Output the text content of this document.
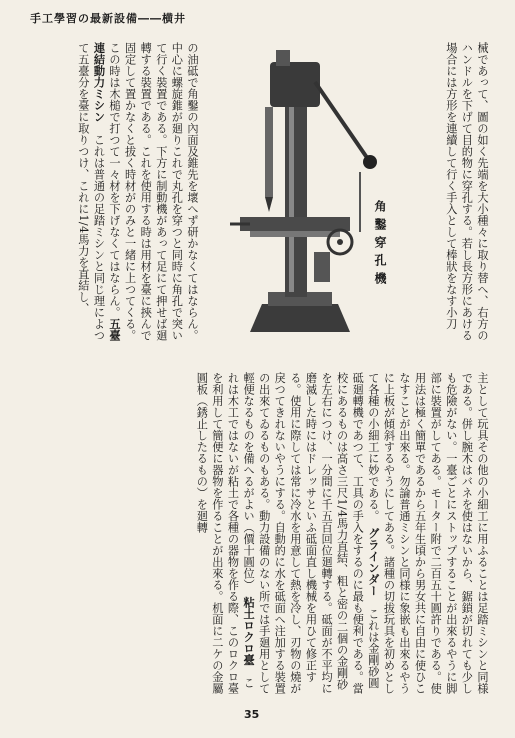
手工學習の最新設備――横井
械であって、圖の如く先端を大小種々に取り替へ、右方のハンドルを下げて目的物に穿孔する。若し長方形にあける場合には方形を連續して行く手入として棒狀をなす小刀
角鑿穿孔機
の油砥で角鑿の內面及錐先を壞へず研かなくてはならん。中心に螺旋錐が廻りこれで丸孔を穿つと同時に角孔で突いて行く裝置である。下方に制動機があって足にて押せば廻轉する裝置である。これを使用する時は用材を臺に挾んで固定して置かなくと拔く時材がのみと一緒に上つてくる。この時は木槌で打つて一々材を下げなくてはならん。五臺連結動力ミシン　これは普通の足踏ミシンと同じ理によつて五臺分を臺に取りつけ、これに1/4馬力を直結し、
主として玩具その他の小細工に用ふることは足踏ミシンと同様である。併し腕木はバネを使はないから、鋸鎖が切れても少しも危險がない。一臺ごとにストップすることが出來るやうに脚部に裝置がしてある。モーター附で二百五十圓許りである。使用法は極く簡單であるから五年生頃から男女共に自由に使ひこなすことが出來る。勿論普通ミシンと同様に象嵌も出來るやうに上板が傾斜するやうにしてある。諸種の切拔玩具を初めとして各種の小細工に妙である。　グラインダー　これは金剛砂圓砥廻轉機であつて、工具の手入をするのに最も便利である。當校にあるものは高さ三尺1/4馬力直結、粗と密の二個の金剛砂を左右につけ、一分間に千五百回位廻轉する。砥面が不平均に磨滅した時にはドレッサといふ砥面直し機械を用ひて修正する。使用に際しては常に冷水を用意して熱を冷し、刃物の燒が戾つてきれないやうにする。自動的に水を砥面へ注加する裝置の出來てゐるものもある。動力設備のない所では手廻用として輕便なるものを備へるがよい（價十圓位）　粘土ロクロ臺　これは木工ではないが粘土で各種の器物を作る際、このロクロ臺を利用して簡便に器物を作ることが出來る。机面に二ケの金屬圓板（銹止したるもの）を廻轉
35
